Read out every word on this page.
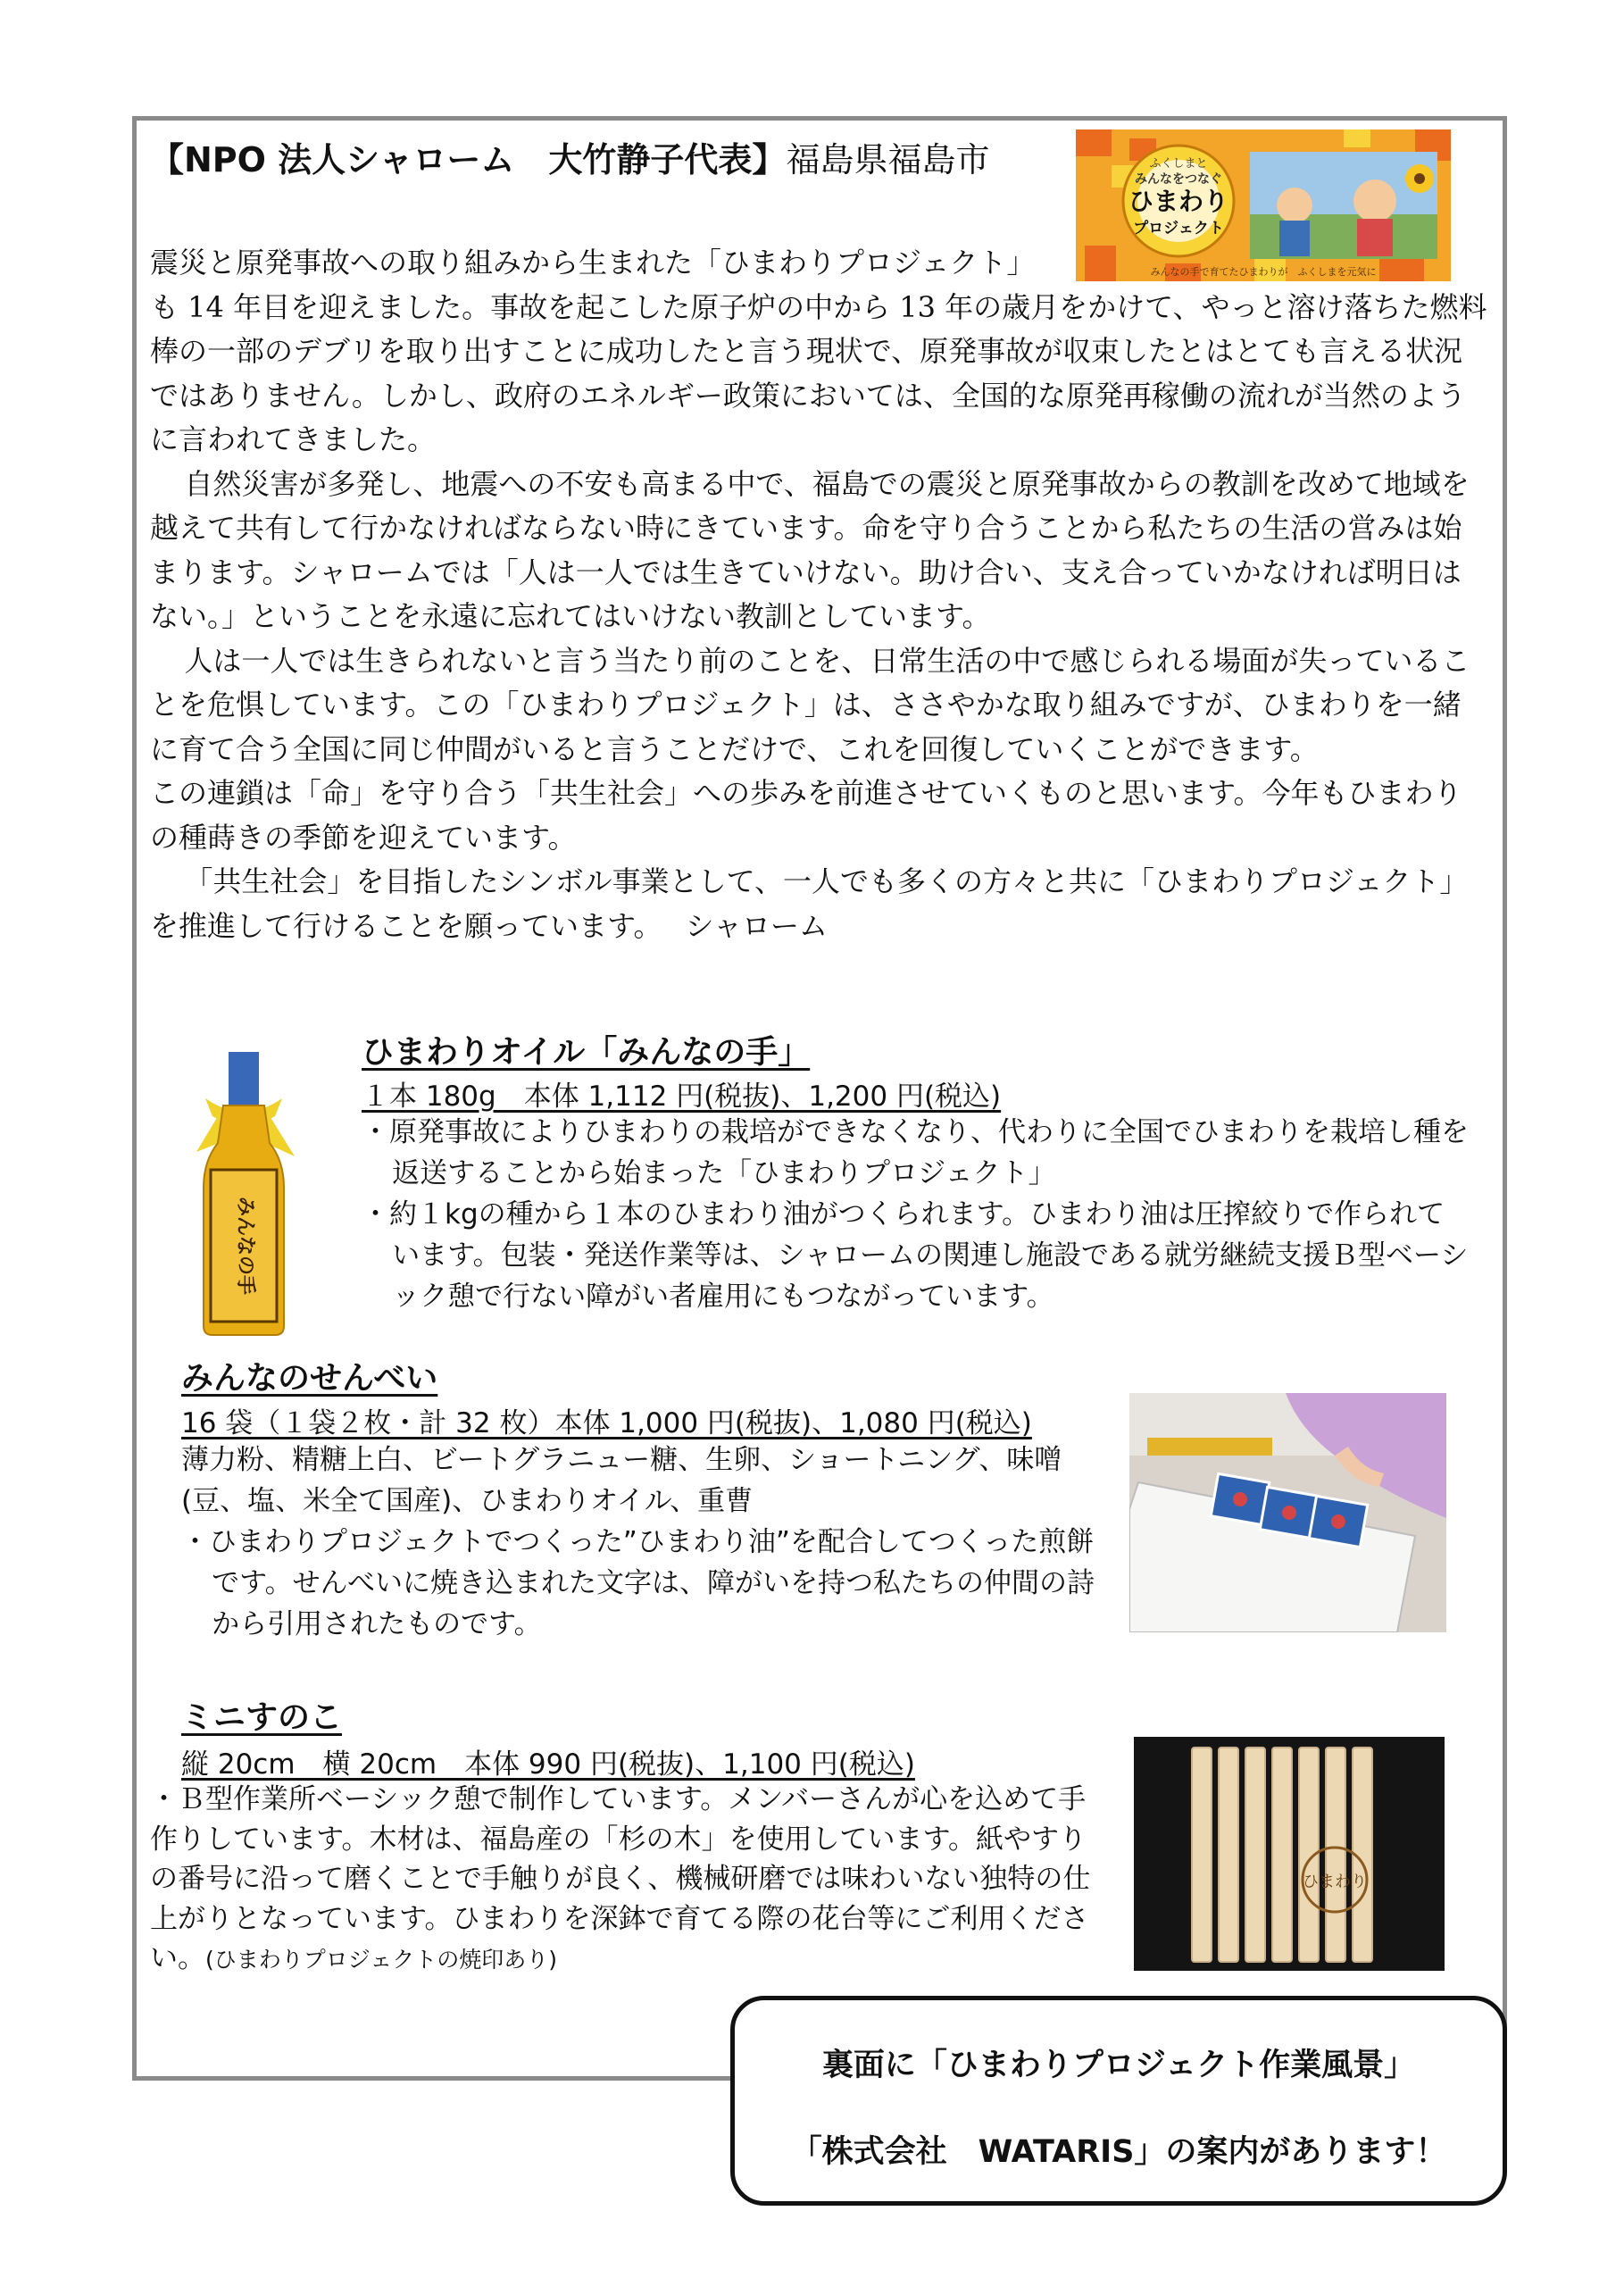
【NPO 法人シャローム　大竹静子代表】福島県福島市	ふくしまと
みんなをつなぐ
ひまわり
プロジェクト
みんなの手で育てたひまわりが　ふくしまを元気に

震災と原発事故への取り組みから生まれた「ひまわりプロジェクト」

も 14 年目を迎えました。事故を起こした原子炉の中から 13 年の歳月をかけて、やっと溶け落ちた燃料棒の一部のデブリを取り出すことに成功したと言う現状で、原発事故が収束したとはとても言える状況ではありません。しかし、政府のエネルギー政策においては、全国的な原発再稼働の流れが当然のように言われてきました。

自然災害が多発し、地震への不安も高まる中で、福島での震災と原発事故からの教訓を改めて地域を越えて共有して行かなければならない時にきています。命を守り合うことから私たちの生活の営みは始まります。シャロームでは「人は一人では生きていけない。助け合い、支え合っていかなければ明日はない。」ということを永遠に忘れてはいけない教訓としています。

人は一人では生きられないと言う当たり前のことを、日常生活の中で感じられる場面が失っていることを危惧しています。この「ひまわりプロジェクト」は、ささやかな取り組みですが、ひまわりを一緒に育て合う全国に同じ仲間がいると言うことだけで、これを回復していくことができます。

この連鎖は「命」を守り合う「共生社会」への歩みを前進させていくものと思います。今年もひまわりの種蒔きの季節を迎えています。

「共生社会」を目指したシンボル事業として、一人でも多くの方々と共に「ひまわりプロジェクト」を推進して行けることを願っています。　 シャローム

みんなの手
ひまわりオイル「みんなの手」
１本 180g　本体 1,112 円(税抜)、1,200 円(税込)

・原発事故によりひまわりの栽培ができなくなり、代わりに全国でひまわりを栽培し種を返送することから始まった「ひまわりプロジェクト」

・約１kgの種から１本のひまわり油がつくられます。ひまわり油は圧搾絞りで作られています。包装・発送作業等は、シャロームの関連し施設である就労継続支援Ｂ型ベーシック憩で行ない障がい者雇用にもつながっています。

みんなのせんべい
16 袋（１袋２枚・計 32 枚）本体 1,000 円(税抜)、1,080 円(税込)

薄力粉、精糖上白、ビートグラニュー糖、生卵、ショートニング、味噌(豆、塩、米全て国産)、ひまわりオイル、重曹

・ひまわりプロジェクトでつくった”ひまわり油”を配合してつくった煎餅です。せんべいに焼き込まれた文字は、障がいを持つ私たちの仲間の詩から引用されたものです。

ミニすのこ
縦 20cm　横 20cm　本体 990 円(税抜)、1,100 円(税込)

・Ｂ型作業所ベーシック憩で制作しています。メンバーさんが心を込めて手作りしています。木材は、福島産の「杉の木」を使用しています。紙やすりの番号に沿って磨くことで手触りが良く、機械研磨では味わいない独特の仕上がりとなっています。ひまわりを深鉢で育てる際の花台等にご利用ください。(ひまわりプロジェクトの焼印あり)

ひまわり
裏面に「ひまわりプロジェクト作業風景」
「株式会社　WATARIS」の案内があります！
